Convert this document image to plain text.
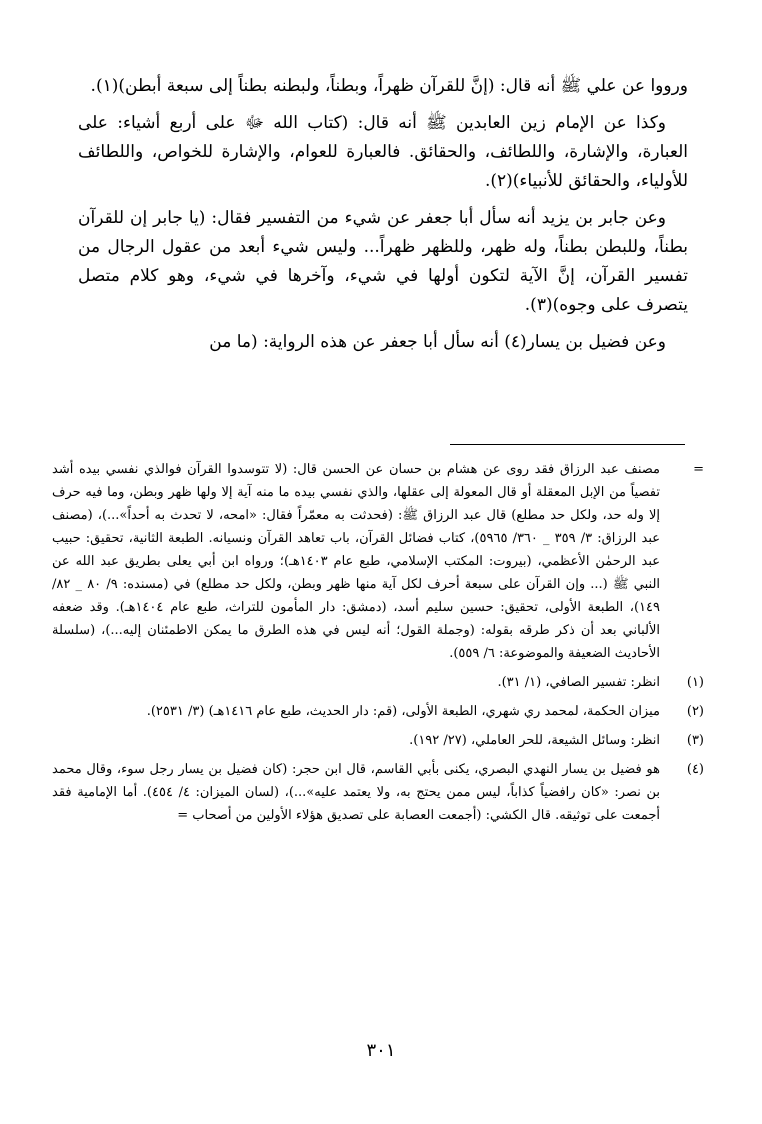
ورووا عن علي ﷺ أنه قال: (إنَّ للقرآن ظهراً، وبطناً، ولبطنه بطناً إلى سبعة أبطن)(١).

وكذا عن الإمام زين العابدين ﷺ أنه قال: (كتاب الله ﷻ على أربع أشياء: على العبارة، والإشارة، واللطائف، والحقائق. فالعبارة للعوام، والإشارة للخواص، واللطائف للأولياء، والحقائق للأنبياء)(٢).

وعن جابر بن يزيد أنه سأل أبا جعفر عن شيء من التفسير فقال: (يا جابر إن للقرآن بطناً، وللبطن بطناً، وله ظهر، وللظهر ظهراً... وليس شيء أبعد من عقول الرجال من تفسير القرآن، إنَّ الآية لتكون أولها في شيء، وآخرها في شيء، وهو كلام متصل يتصرف على وجوه)(٣).

وعن فضيل بن يسار(٤) أنه سأل أبا جعفر عن هذه الرواية: (ما من

=
مصنف عبد الرزاق فقد روى عن هشام بن حسان عن الحسن قال: (لا تتوسدوا القرآن فوالذي نفسي بيده أشد تفصياً من الإبل المعقلة أو قال المعولة إلى عقلها، والذي نفسي بيده ما منه آية إلا ولها ظهر وبطن، وما فيه حرف إلا وله حد، ولكل حد مطلع) قال عبد الرزاق ﷺ: (فحدثت به معمّراً فقال: «امحه، لا تحدث به أحداً»...)، (مصنف عبد الرزاق: ٣/ ٣٥٩ _ ٣٦٠/ ٥٩٦٥)، كتاب فضائل القرآن، باب تعاهد القرآن ونسيانه. الطبعة الثانية، تحقيق: حبيب عبد الرحمٰن الأعظمي، (بيروت: المكتب الإسلامي، طبع عام ١٤٠٣هـ)؛ ورواه ابن أبي يعلى بطريق عبد الله عن النبي ﷺ (... وإن القرآن على سبعة أحرف لكل آية منها ظهر وبطن، ولكل حد مطلع) في (مسنده: ٩/ ٨٠ _ ٨٢/ ١٤٩)، الطبعة الأولى، تحقيق: حسين سليم أسد، (دمشق: دار المأمون للتراث، طبع عام ١٤٠٤هـ). وقد ضعفه الألباني بعد أن ذكر طرقه بقوله: (وجملة القول؛ أنه ليس في هذه الطرق ما يمكن الاطمئنان إليه...)، (سلسلة الأحاديث الضعيفة والموضوعة: ٦/ ٥٥٩).
(١)
انظر: تفسير الصافي، (١/ ٣١).
(٢)
ميزان الحكمة، لمحمد ري شهري، الطبعة الأولى، (قم: دار الحديث، طبع عام ١٤١٦هـ) (٣/ ٢٥٣١).
(٣)
انظر: وسائل الشيعة، للحر العاملي، (٢٧/ ١٩٢).
(٤)
هو فضيل بن يسار النهدي البصري، يكنى بأبي القاسم، قال ابن حجر: (كان فضيل بن يسار رجل سوء، وقال محمد بن نصر: «كان رافضياً كذاباً، ليس ممن يحتج به، ولا يعتمد عليه»...)، (لسان الميزان: ٤/ ٤٥٤). أما الإمامية فقد أجمعت على توثيقه. قال الكشي: (أجمعت العصابة على تصديق هؤلاء الأولين من أصحاب =
٣٠١
